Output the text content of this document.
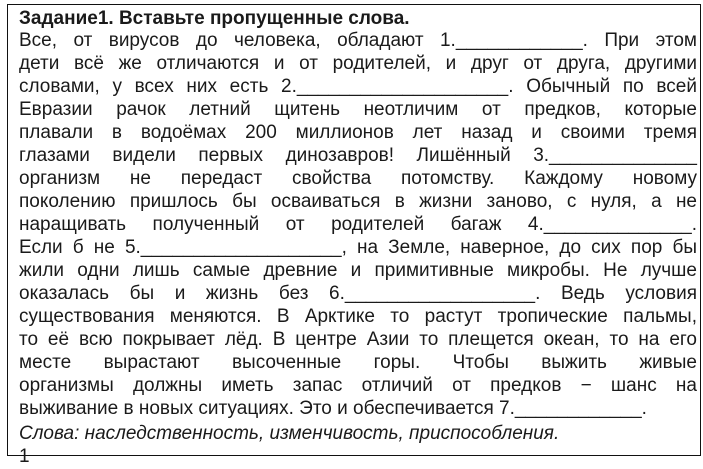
Задание1. Вставьте пропущенные слова.
Все, от вирусов до человека, обладают 1.____________. При этом
дети всё же отличаются и от родителей, и друг от друга, другими
словами, у всех них есть 2.____________________. Обычный по всей
Евразии рачок летний щитень неотличим от предков, которые
плавали в водоёмах 200 миллионов лет назад и своими тремя
глазами видели первых динозавров! Лишённый 3.______________
организм не передаст свойства потомству. Каждому новому
поколению пришлось бы осваиваться в жизни заново, с нуля, а не
наращивать полученный от родителей багаж 4.______________.
Если б не 5.___________________, на Земле, наверное, до сих пор бы
жили одни лишь самые древние и примитивные микробы. Не лучше
оказалась бы и жизнь без 6.__________________. Ведь условия
существования меняются. В Арктике то растут тропические пальмы,
то её всю покрывает лёд. В центре Азии то плещется океан, то на его
месте вырастают высоченные горы. Чтобы выжить живые
организмы должны иметь запас отличий от предков − шанс на
выживание в новых ситуациях. Это и обеспечивается 7.____________.
Слова: наследственность, изменчивость, приспособления.
1
